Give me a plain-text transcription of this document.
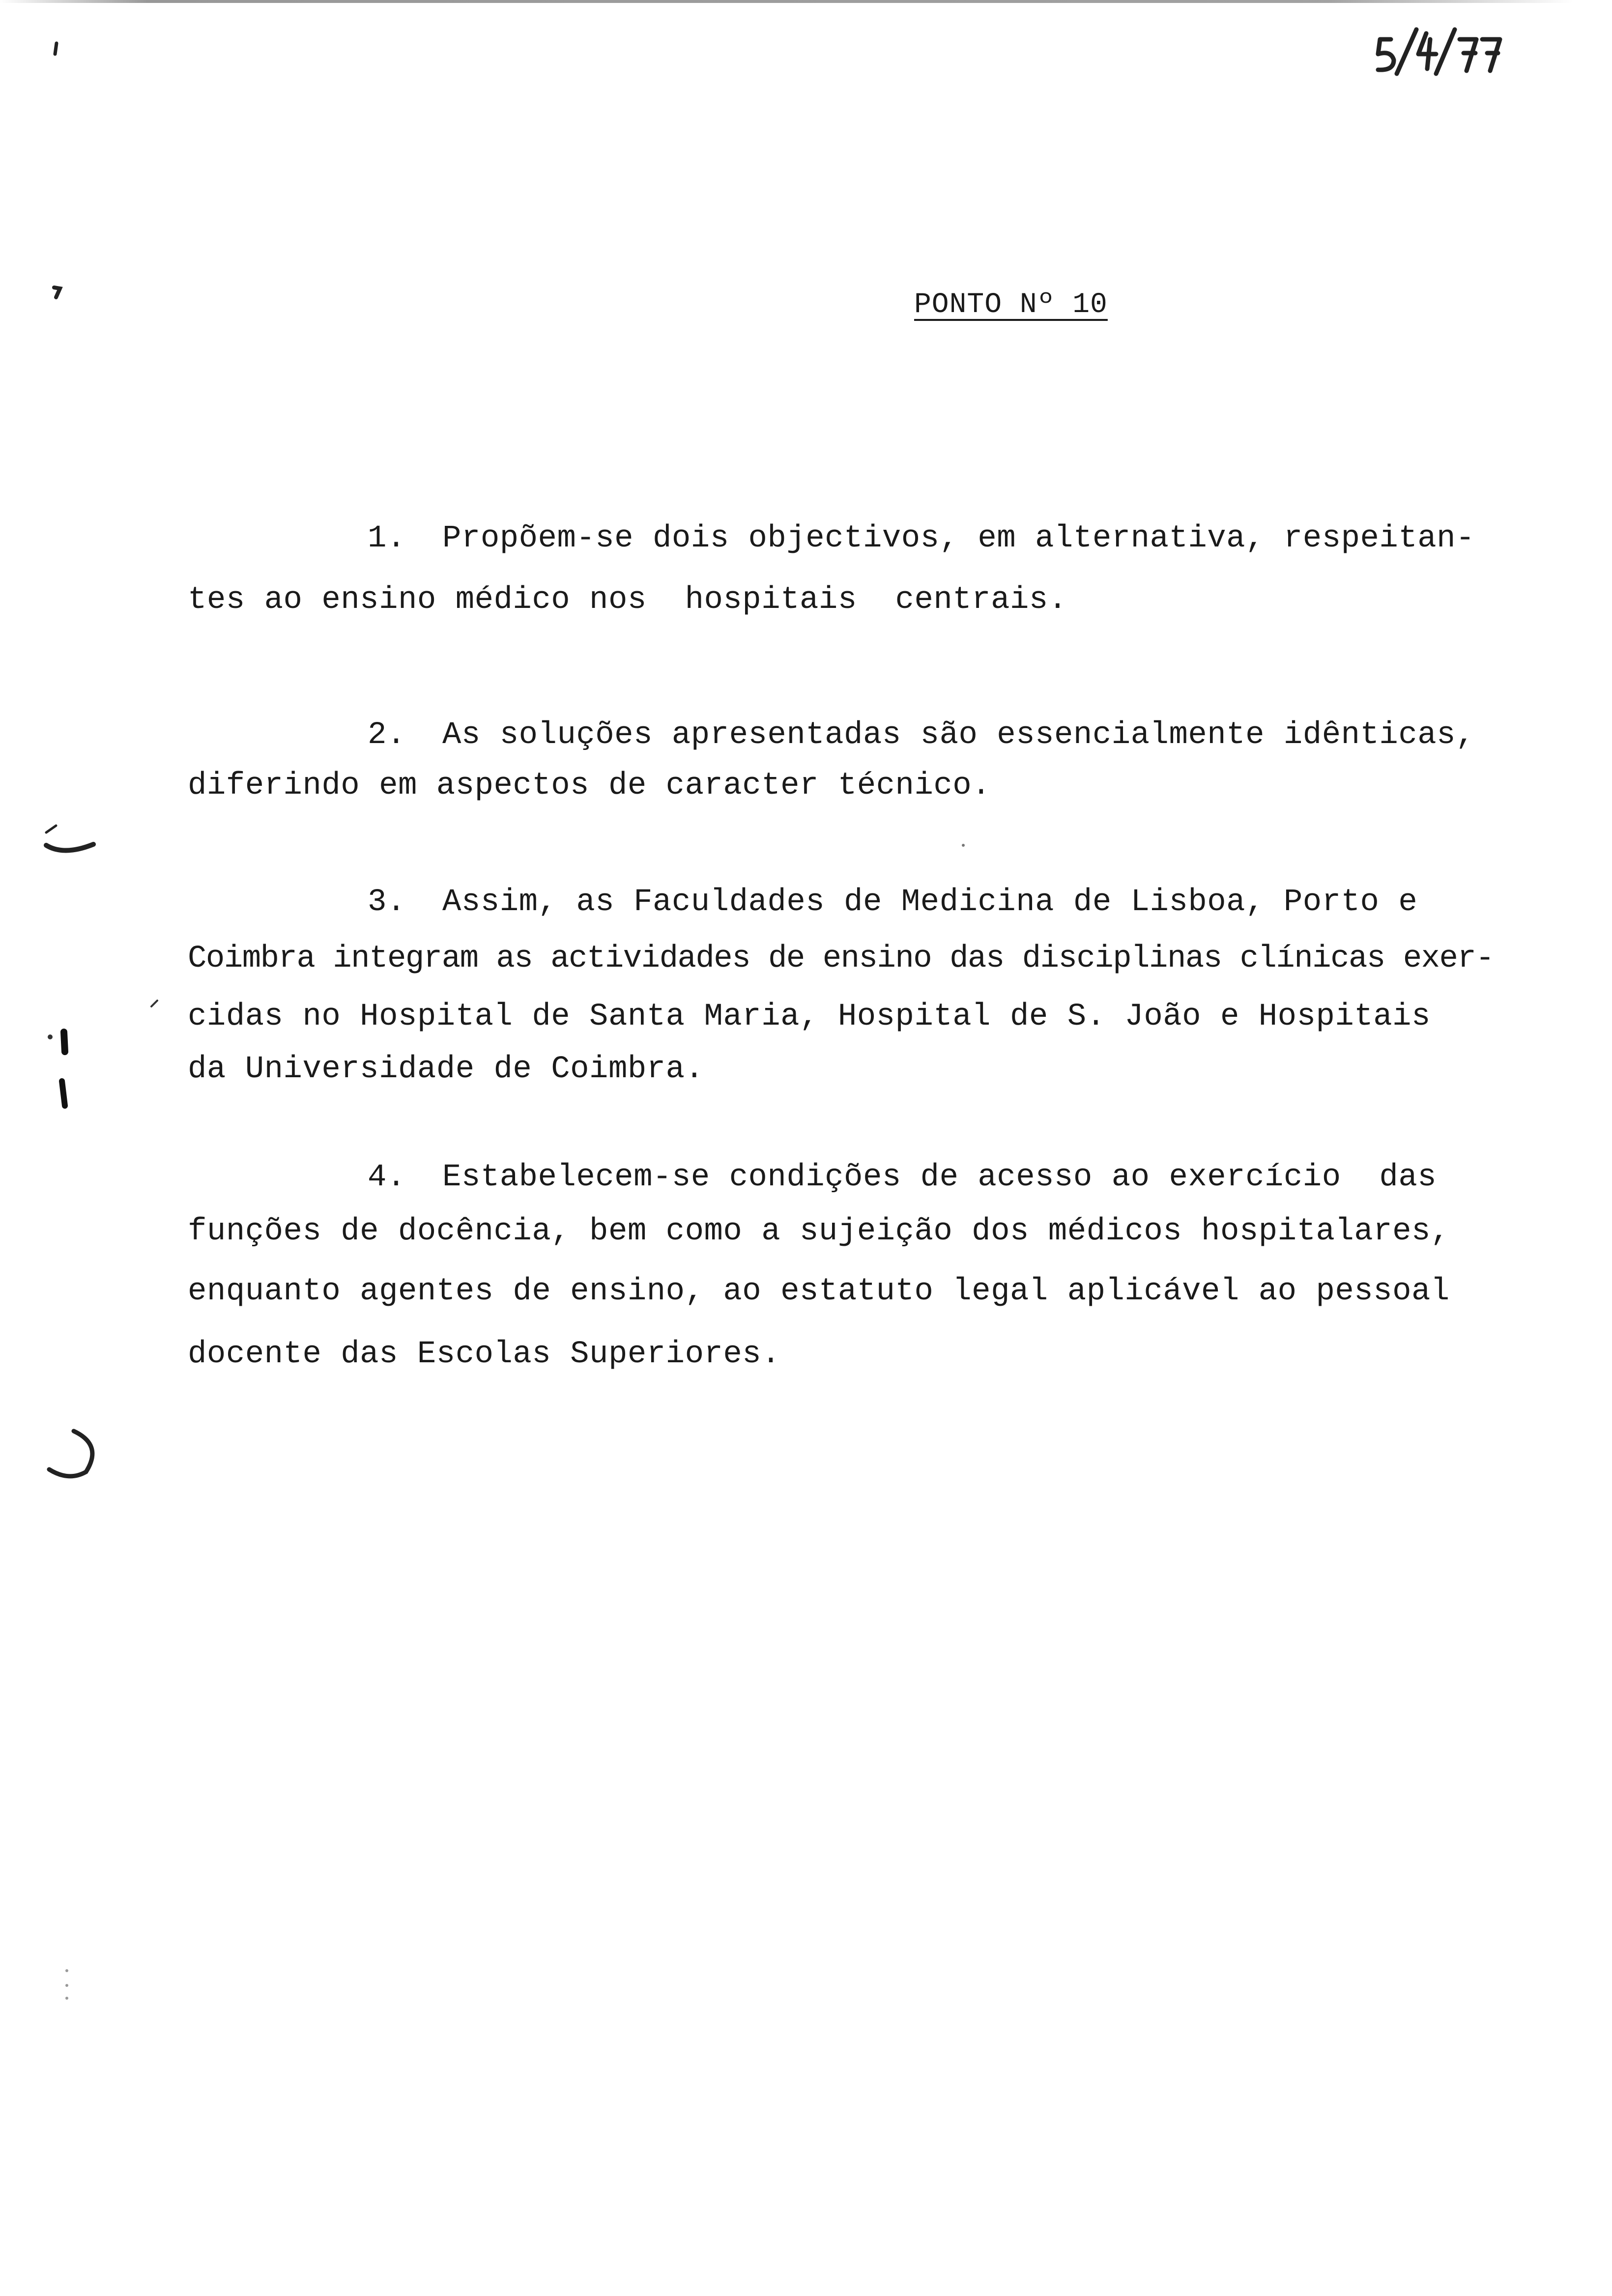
PONTO Nº 10
1. Propõem-se dois objectivos, em alternativa, respeitan-
tes ao ensino médico nos  hospitais  centrais.
2. As soluções apresentadas são essencialmente idênticas,
diferindo em aspectos de caracter técnico.
3. Assim, as Faculdades de Medicina de Lisboa, Porto e
Coimbra integram as actividades de ensino das disciplinas clínicas exer-
cidas no Hospital de Santa Maria, Hospital de S. João e Hospitais
da Universidade de Coimbra.
4. Estabelecem-se condições de acesso ao exercício  das
funções de docência, bem como a sujeição dos médicos hospitalares,
enquanto agentes de ensino, ao estatuto legal aplicável ao pessoal
docente das Escolas Superiores.
